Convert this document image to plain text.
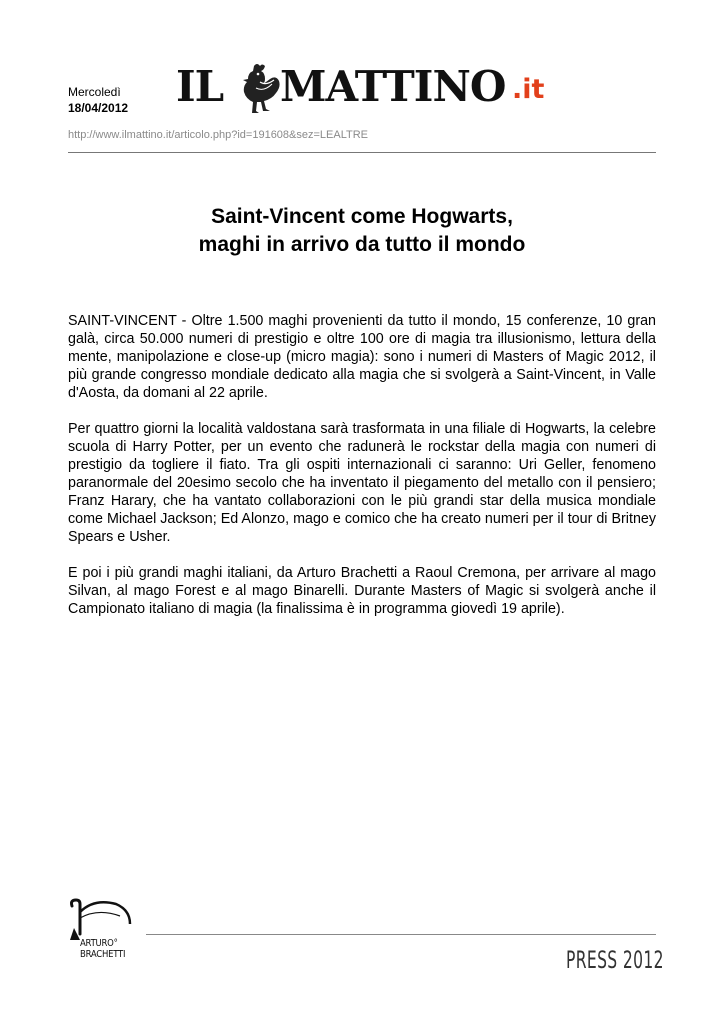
Mercoledì
18/04/2012 IL MATTINO .it
http://www.ilmattino.it/articolo.php?id=191608&sez=LEALTRE
Saint-Vincent come Hogwarts,
maghi in arrivo da tutto il mondo

SAINT-VINCENT - Oltre 1.500 maghi provenienti da tutto il mondo, 15 conferenze, 10 gran galà, circa 50.000 numeri di prestigio e oltre 100 ore di magia tra illusionismo, lettura della mente, manipolazione e close-up (micro magia): sono i numeri di Masters of Magic 2012, il più grande congresso mondiale dedicato alla magia che si svolgerà a Saint-Vincent, in Valle d'Aosta, da domani al 22 aprile.

Per quattro giorni la località valdostana sarà trasformata in una filiale di Hogwarts, la celebre scuola di Harry Potter, per un evento che radunerà le rockstar della magia con numeri di prestigio da togliere il fiato. Tra gli ospiti internazionali ci saranno: Uri Geller, fenomeno paranormale del 20esimo secolo che ha inventato il piegamento del metallo con il pensiero; Franz Harary, che ha vantato collaborazioni con le più grandi star della musica mondiale come Michael Jackson; Ed Alonzo, mago e comico che ha creato numeri per il tour di Britney Spears e Usher.

E poi i più grandi maghi italiani, da Arturo Brachetti a Raoul Cremona, per arrivare al mago Silvan, al mago Forest e al mago Binarelli. Durante Masters of Magic si svolgerà anche il Campionato italiano di magia (la finalissima è in programma giovedì 19 aprile).

ARTURO°
BRACHETTI	PRESS 2012
